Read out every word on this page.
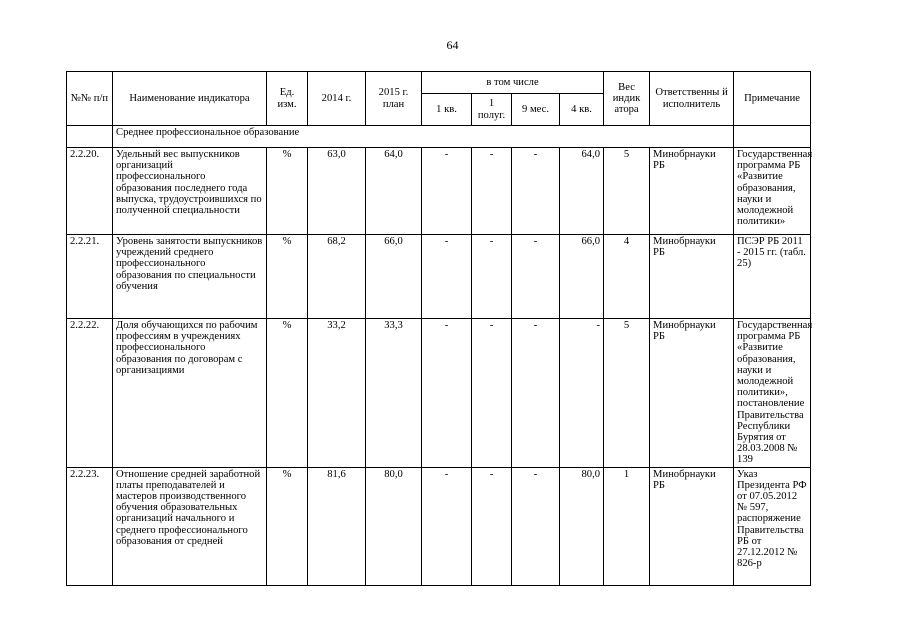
64
№№ п/п	Наименование индикатора	Ед. изм.	2014 г.	2015 г. план	в том числе				Вес индик атора	Ответственны й исполнитель	Примечание
					1 кв.	1 полуг.	9 мес.	4 кв.			
	Среднее профессиональное образование										
2.2.20.	Удельный вес выпускников организаций профессионального образования последнего года выпуска, трудоустроившихся по полученной специальности	%	63,0	64,0	-	-	-	64,0	5	Минобрнауки РБ	Государственная программа РБ «Развитие образования, науки и молодежной политики»
2.2.21.	Уровень занятости выпускников учреждений среднего профессионального образования по специальности обучения	%	68,2	66,0	-	-	-	66,0	4	Минобрнауки РБ	ПСЭР РБ 2011 - 2015 гг. (табл. 25)
2.2.22.	Доля обучающихся по рабочим профессиям в учреждениях профессионального образования по договорам с организациями	%	33,2	33,3	-	-	-	-	5	Минобрнауки РБ	Государственная программа РБ «Развитие образования, науки и молодежной политики», постановление Правительства Республики Бурятия от 28.03.2008 № 139
2.2.23.	Отношение средней заработной платы преподавателей и мастеров производственного обучения образовательных организаций начального и среднего профессионального образования от средней	%	81,6	80,0	-	-	-	80,0	1	Минобрнауки РБ	Указ Президента РФ от 07.05.2012 № 597, распоряжение Правительства РБ от 27.12.2012 № 826-р
